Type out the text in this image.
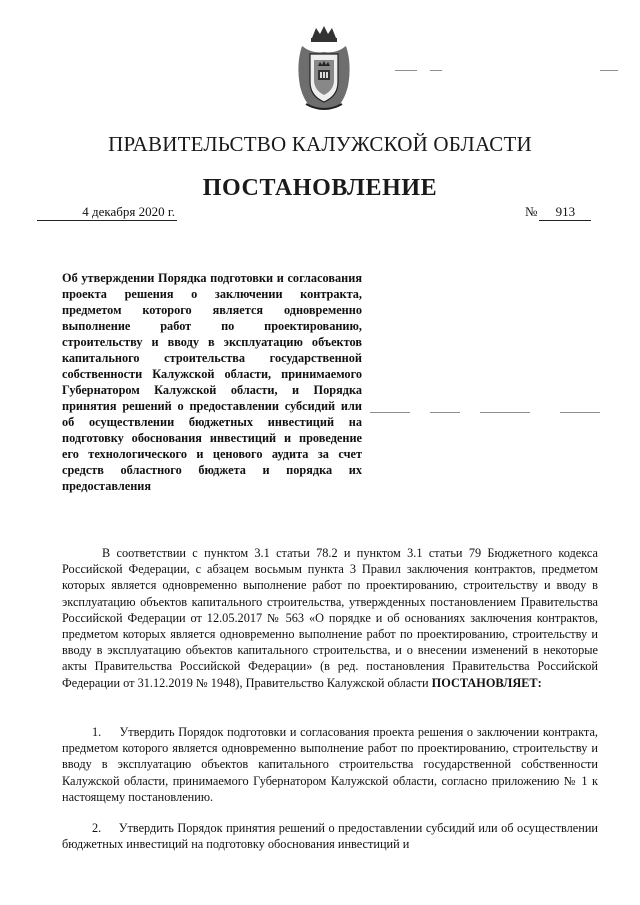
ПРАВИТЕЛЬСТВО КАЛУЖСКОЙ ОБЛАСТИ
ПОСТАНОВЛЕНИЕ
4 декабря 2020 г.	№ 913
Об утверждении Порядка подготовки и согласования проекта решения о заключении контракта, предметом которого является одновременно выполнение работ по проектированию, строительству и вводу в эксплуатацию объектов капитального строительства государственной собственности Калужской области, принимаемого Губернатором Калужской области, и Порядка принятия решений о предоставлении субсидий или об осуществлении бюджетных инвестиций на подготовку обоснования инвестиций и проведение его технологического и ценового аудита за счет средств областного бюджета и порядка их предоставления

В соответствии с пунктом 3.1 статьи 78.2 и пунктом 3.1 статьи 79 Бюджетного кодекса Российской Федерации, с абзацем восьмым пункта 3 Правил заключения контрактов, предметом которых является одновременно выполнение работ по проектированию, строительству и вводу в эксплуатацию объектов капитального строительства, утвержденных постановлением Правительства Российской Федерации от 12.05.2017 № 563 «О порядке и об основаниях заключения контрактов, предметом которых является одновременно выполнение работ по проектированию, строительству и вводу в эксплуатацию объектов капитального строительства, и о внесении изменений в некоторые акты Правительства Российской Федерации» (в ред. постановления Правительства Российской Федерации от 31.12.2019 № 1948), Правительство Калужской области ПОСТАНОВЛЯЕТ:

1. Утвердить Порядок подготовки и согласования проекта решения о заключении контракта, предметом которого является одновременно выполнение работ по проектированию, строительству и вводу в эксплуатацию объектов капитального строительства государственной собственности Калужской области, принимаемого Губернатором Калужской области, согласно приложению № 1 к настоящему постановлению.

2. Утвердить Порядок принятия решений о предоставлении субсидий или об осуществлении бюджетных инвестиций на подготовку обоснования инвестиций и
